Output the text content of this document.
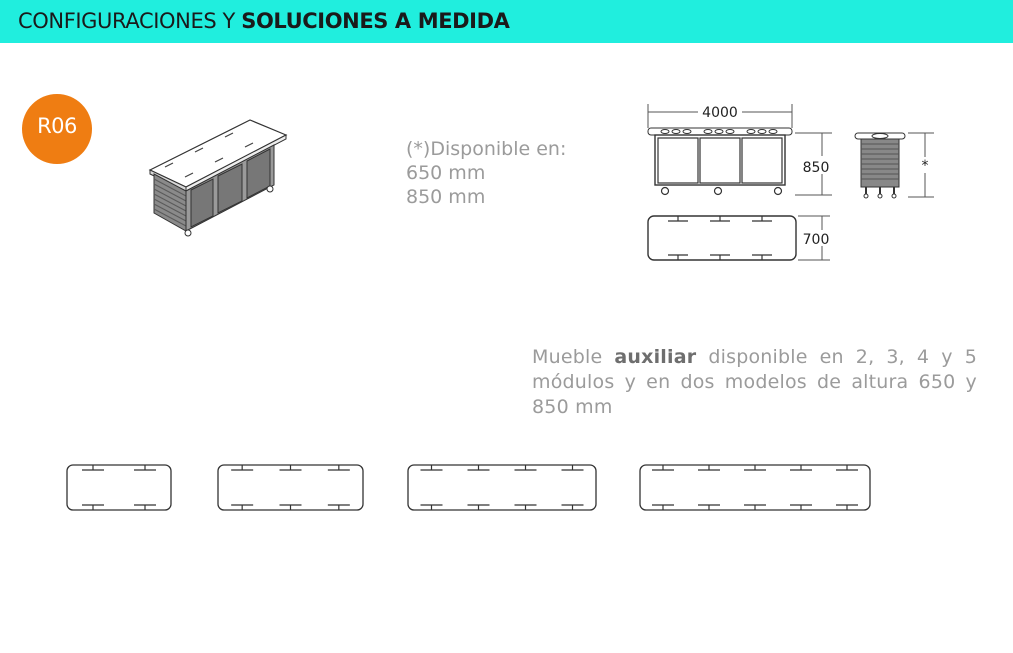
CONFIGURACIONES Y SOLUCIONES A MEDIDA
R06
(*)Disponible en:
650 mm
850 mm
4000
850	*
700
Mueble auxiliar disponible en 2, 3, 4 y 5 módulos y en dos modelos de altura 650 y 850 mm
